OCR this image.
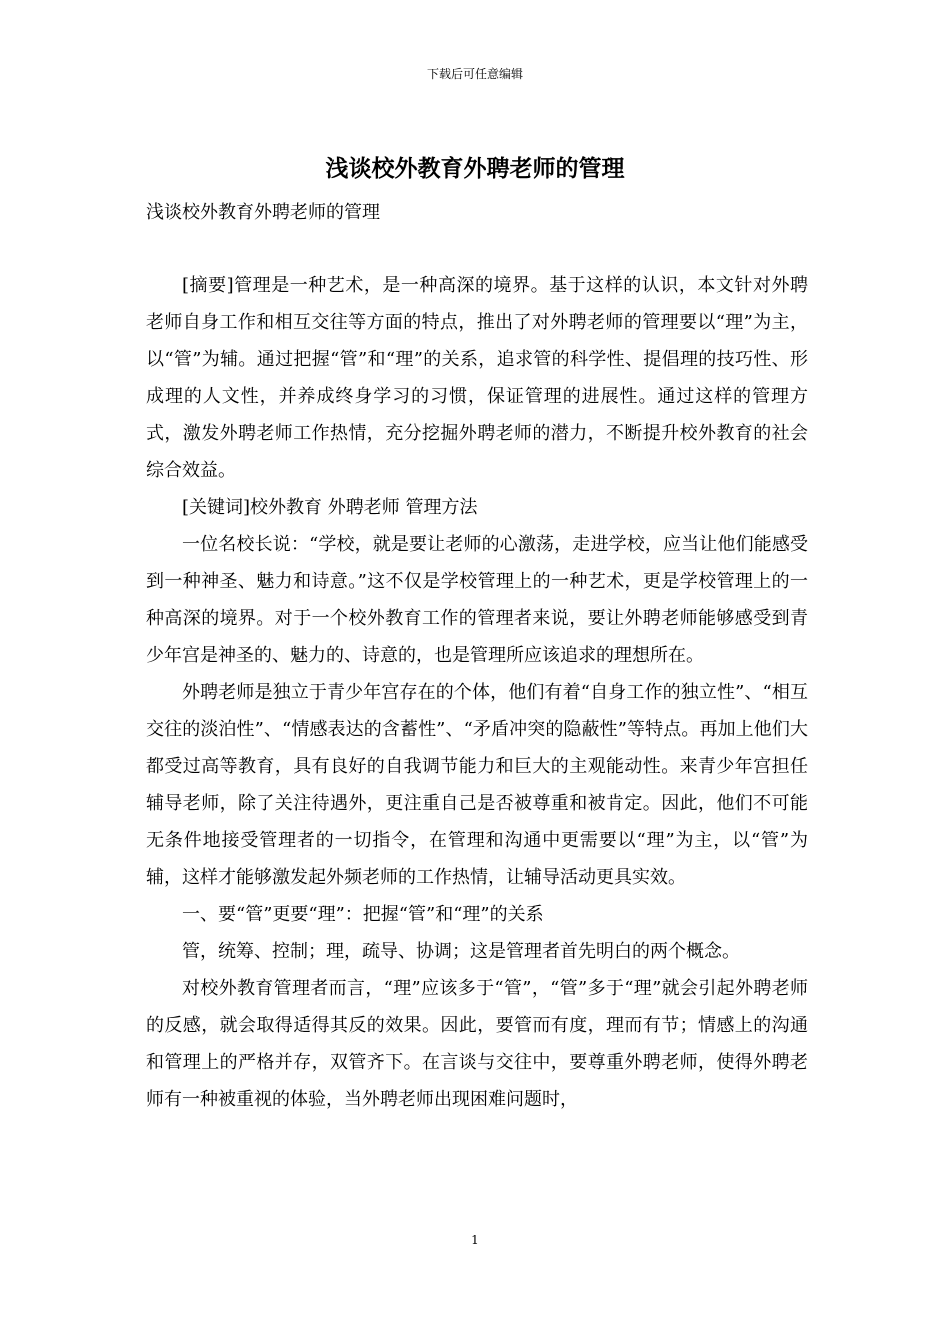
下载后可任意编辑
浅谈校外教育外聘老师的管理

浅谈校外教育外聘老师的管理

[摘要]管理是一种艺术，是一种高深的境界。基于这样的认识，本文针对外聘老师自身工作和相互交往等方面的特点，推出了对外聘老师的管理要以“理”为主，以“管”为辅。通过把握“管”和“理”的关系，追求管的科学性、提倡理的技巧性、形成理的人文性，并养成终身学习的习惯，保证管理的进展性。通过这样的管理方式，激发外聘老师工作热情，充分挖掘外聘老师的潜力，不断提升校外教育的社会综合效益。

[关键词]校外教育 外聘老师 管理方法

一位名校长说：“学校，就是要让老师的心激荡，走进学校，应当让他们能感受到一种神圣、魅力和诗意。”这不仅是学校管理上的一种艺术，更是学校管理上的一种高深的境界。对于一个校外教育工作的管理者来说，要让外聘老师能够感受到青少年宫是神圣的、魅力的、诗意的，也是管理所应该追求的理想所在。

外聘老师是独立于青少年宫存在的个体，他们有着“自身工作的独立性”、“相互交往的淡泊性”、“情感表达的含蓄性”、“矛盾冲突的隐蔽性”等特点。再加上他们大都受过高等教育，具有良好的自我调节能力和巨大的主观能动性。来青少年宫担任辅导老师，除了关注待遇外，更注重自己是否被尊重和被肯定。因此，他们不可能无条件地接受管理者的一切指令，在管理和沟通中更需要以“理”为主，以“管”为辅，这样才能够激发起外频老师的工作热情，让辅导活动更具实效。

一、要“管”更要“理”：把握“管”和“理”的关系

管，统筹、控制；理，疏导、协调；这是管理者首先明白的两个概念。

对校外教育管理者而言，“理”应该多于“管”，“管”多于“理”就会引起外聘老师的反感，就会取得适得其反的效果。因此，要管而有度，理而有节；情感上的沟通和管理上的严格并存，双管齐下。在言谈与交往中，要尊重外聘老师，使得外聘老师有一种被重视的体验，当外聘老师出现困难问题时，

1
